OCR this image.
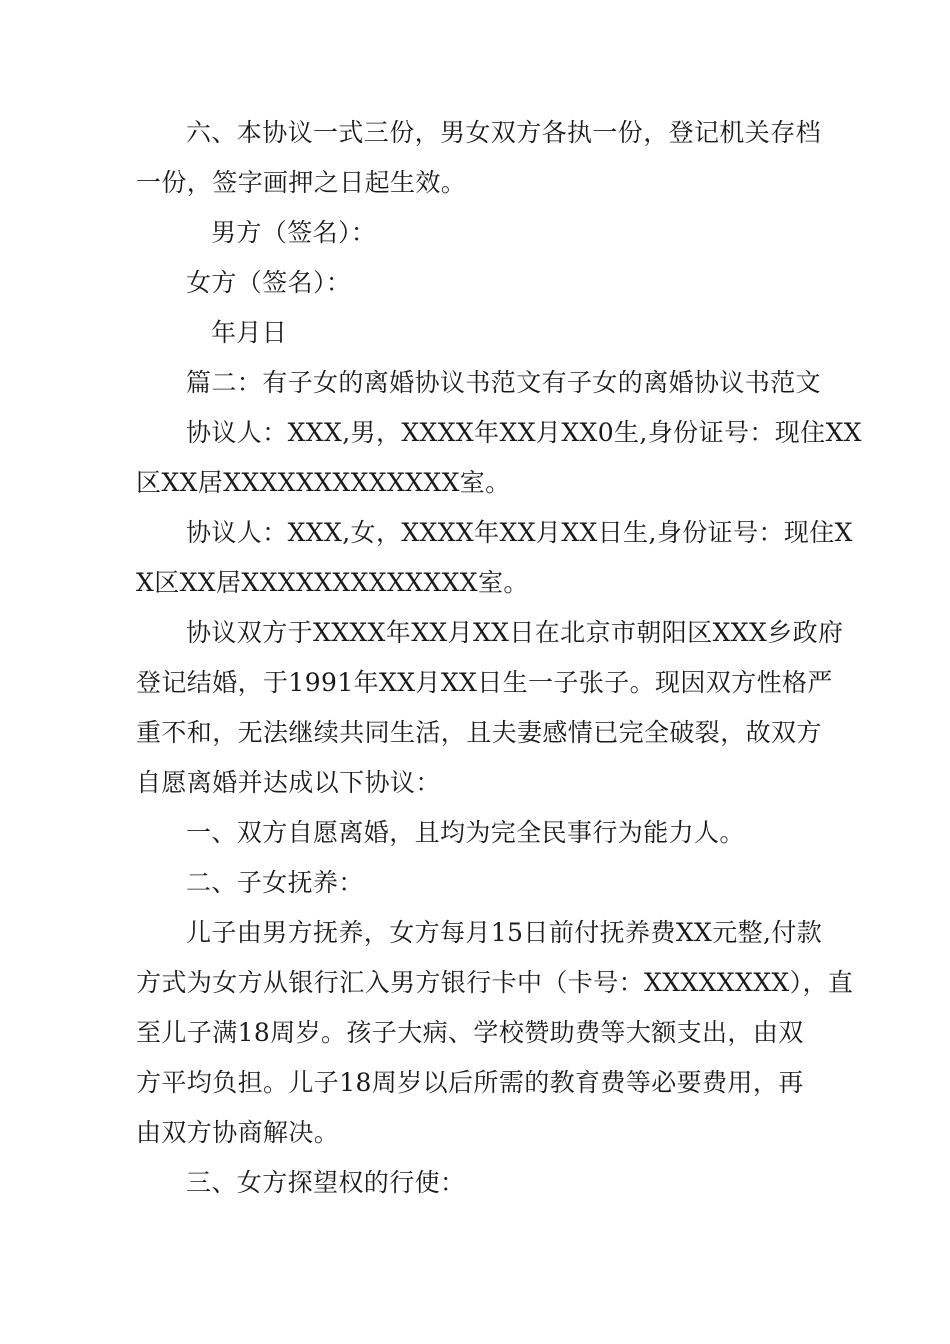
六、本协议一式三份，男女双方各执一份，登记机关存档
一份，签字画押之日起生效。
男方（签名）：
女方（签名）：
年月日
篇二：有子女的离婚协议书范文有子女的离婚协议书范文
协议人：XXX,男，XXXX年XX月XX0生,身份证号：现住XX
区XX居XXXXXXXXXXXXX室。
协议人：XXX,女，XXXX年XX月XX日生,身份证号：现住X
X区XX居XXXXXXXXXXXXX室。
协议双方于XXXX年XX月XX日在北京市朝阳区XXX乡政府
登记结婚，于1991年XX月XX日生一子张子。现因双方性格严
重不和，无法继续共同生活，且夫妻感情已完全破裂，故双方
自愿离婚并达成以下协议：
一、双方自愿离婚，且均为完全民事行为能力人。
二、子女抚养：
儿子由男方抚养，女方每月15日前付抚养费XX元整,付款
方式为女方从银行汇入男方银行卡中（卡号：XXXXXXXX），直
至儿子满18周岁。孩子大病、学校赞助费等大额支出，由双
方平均负担。儿子18周岁以后所需的教育费等必要费用，再
由双方协商解决。
三、女方探望权的行使：
